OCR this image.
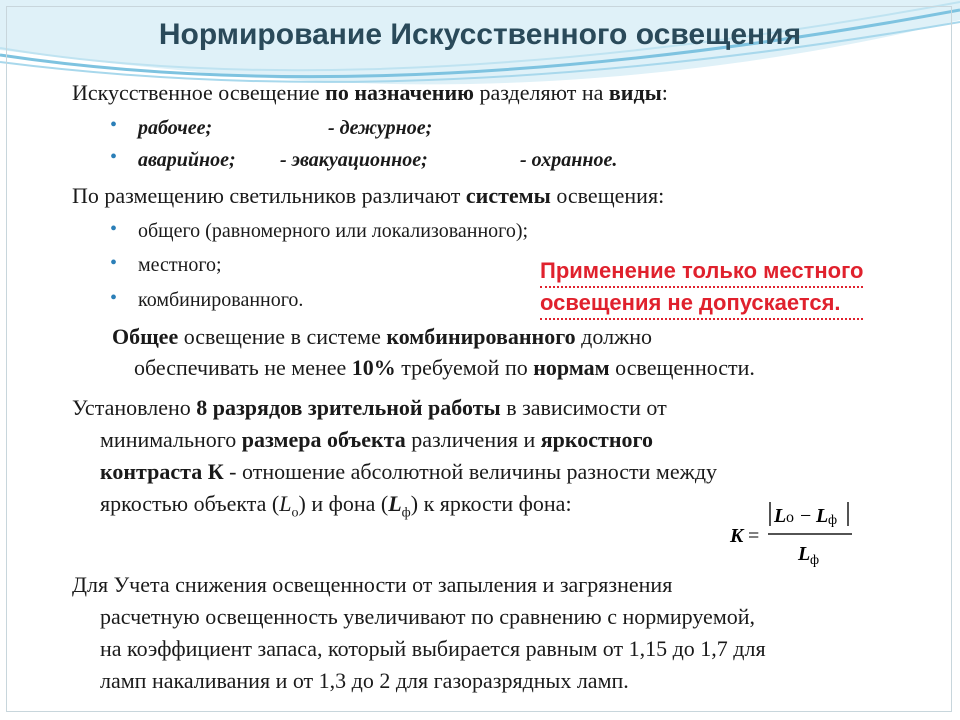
Нормирование Искусственного освещения
Искусственное освещение по назначению разделяют на виды:
• рабочее;	- дежурное;
• аварийное; - эвакуационное;	- охранное.
По размещению светильников различают системы освещения:
• общего (равномерного или локализованного);
• местного;
• комбинированного.
Применение только местного
освещения не допускается.
Общее освещение в системе комбинированного должно
обеспечивать не менее 10% требуемой по нормам освещенности.
Установлено 8 разрядов зрительной работы в зависимости от
минимального размера объекта различения и яркостного
контраста К - отношение абсолютной величины разности между
яркостью объекта $(L_о)$ и фона $(L_ф)$ к яркости фона:
K =
L o − L ф
L ф
Для Учета снижения освещенности от запыления и загрязнения
расчетную освещенность увеличивают по сравнению с нормируемой,
на коэффициент запаса, который выбирается равным от 1,15 до 1,7 для
ламп накаливания и от 1,3 до 2 для газоразрядных ламп.
